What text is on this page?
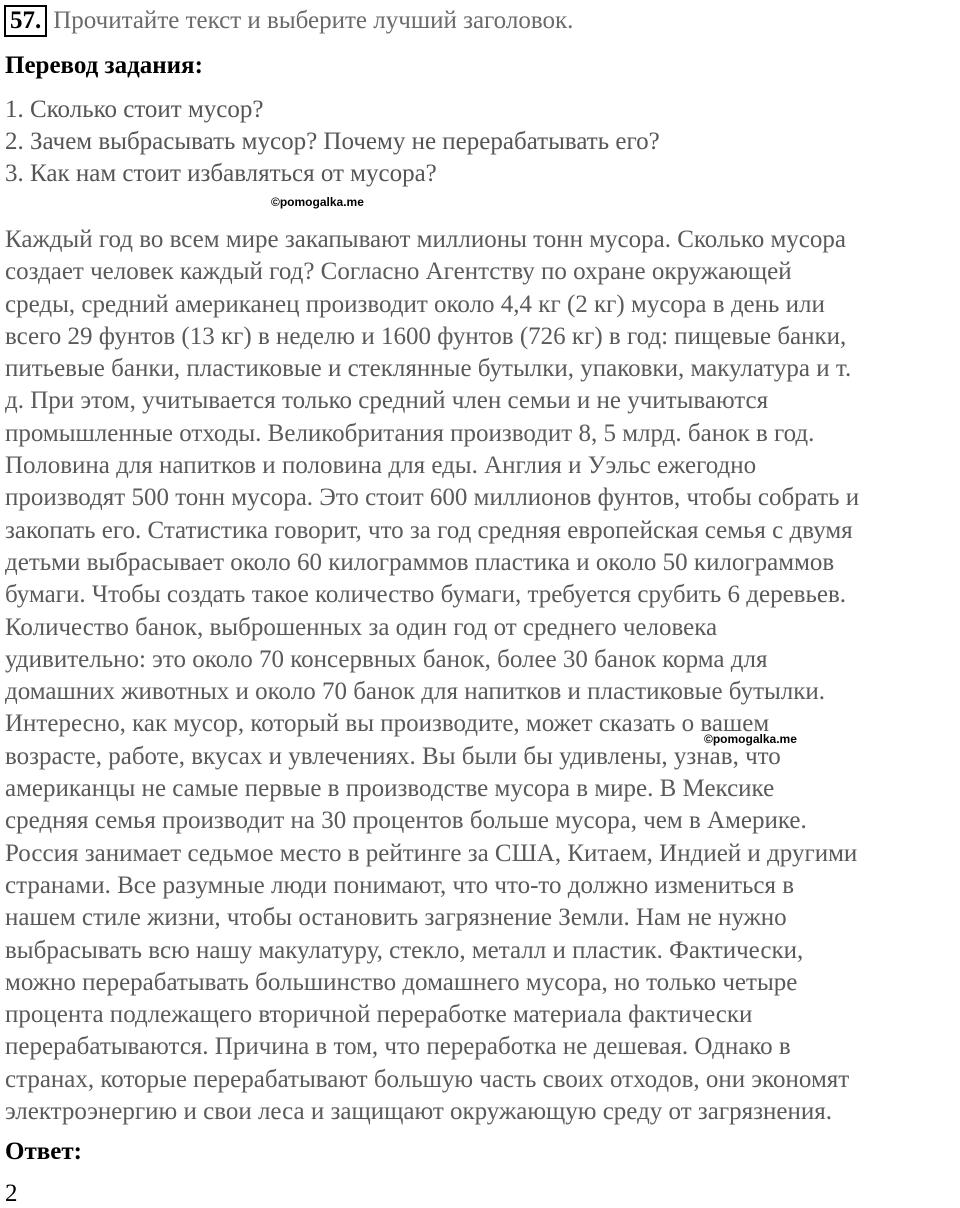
57. Прочитайте текст и выберите лучший заголовок.
Перевод задания:
1. Сколько стоит мусор?
2. Зачем выбрасывать мусор? Почему не перерабатывать его?
3. Как нам стоит избавляться от мусора?
©pomogalka.me
Каждый год во всем мире закапывают миллионы тонн мусора. Сколько мусора
создает человек каждый год? Согласно Агентству по охране окружающей
среды, средний американец производит около 4,4 кг (2 кг) мусора в день или
всего 29 фунтов (13 кг) в неделю и 1600 фунтов (726 кг) в год: пищевые банки,
питьевые банки, пластиковые и стеклянные бутылки, упаковки, макулатура и т.
д. При этом, учитывается только средний член семьи и не учитываются
промышленные отходы. Великобритания производит 8, 5 млрд. банок в год.
Половина для напитков и половина для еды. Англия и Уэльс ежегодно
производят 500 тонн мусора. Это стоит 600 миллионов фунтов, чтобы собрать и
закопать его. Статистика говорит, что за год средняя европейская семья с двумя
детьми выбрасывает около 60 килограммов пластика и около 50 килограммов
бумаги. Чтобы создать такое количество бумаги, требуется срубить 6 деревьев.
Количество банок, выброшенных за один год от среднего человека
удивительно: это около 70 консервных банок, более 30 банок корма для
домашних животных и около 70 банок для напитков и пластиковые бутылки.
Интересно, как мусор, который вы производите, может сказать о вашем
возрасте, работе, вкусах и увлечениях. Вы были бы удивлены, узнав, что
американцы не самые первые в производстве мусора в мире. В Мексике
средняя семья производит на 30 процентов больше мусора, чем в Америке.
Россия занимает седьмое место в рейтинге за США, Китаем, Индией и другими
странами. Все разумные люди понимают, что что-то должно измениться в
нашем стиле жизни, чтобы остановить загрязнение Земли. Нам не нужно
выбрасывать всю нашу макулатуру, стекло, металл и пластик. Фактически,
можно перерабатывать большинство домашнего мусора, но только четыре
процента подлежащего вторичной переработке материала фактически
перерабатываются. Причина в том, что переработка не дешевая. Однако в
странах, которые перерабатывают большую часть своих отходов, они экономят
электроэнергию и свои леса и защищают окружающую среду от загрязнения.
©pomogalka.me
Ответ:
2
